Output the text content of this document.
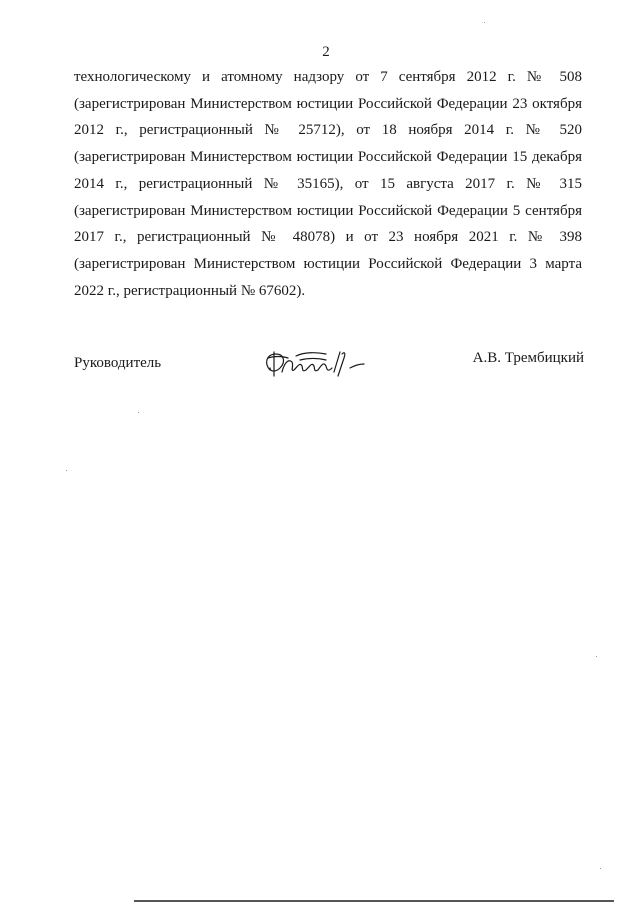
2

технологическому и атомному надзору от 7 сентября 2012 г. № 508
(зарегистрирован Министерством юстиции Российской Федерации 23 октября
2012 г., регистрационный № 25712), от 18 ноября 2014 г. № 520
(зарегистрирован Министерством юстиции Российской Федерации 15 декабря
2014 г., регистрационный № 35165), от 15 августа 2017 г. № 315
(зарегистрирован Министерством юстиции Российской Федерации 5 сентября
2017 г., регистрационный № 48078) и от 23 ноября 2021 г. № 398
(зарегистрирован Министерством юстиции Российской Федерации 3 марта
2022 г., регистрационный № 67602).

Руководитель	А.В. Трембицкий
